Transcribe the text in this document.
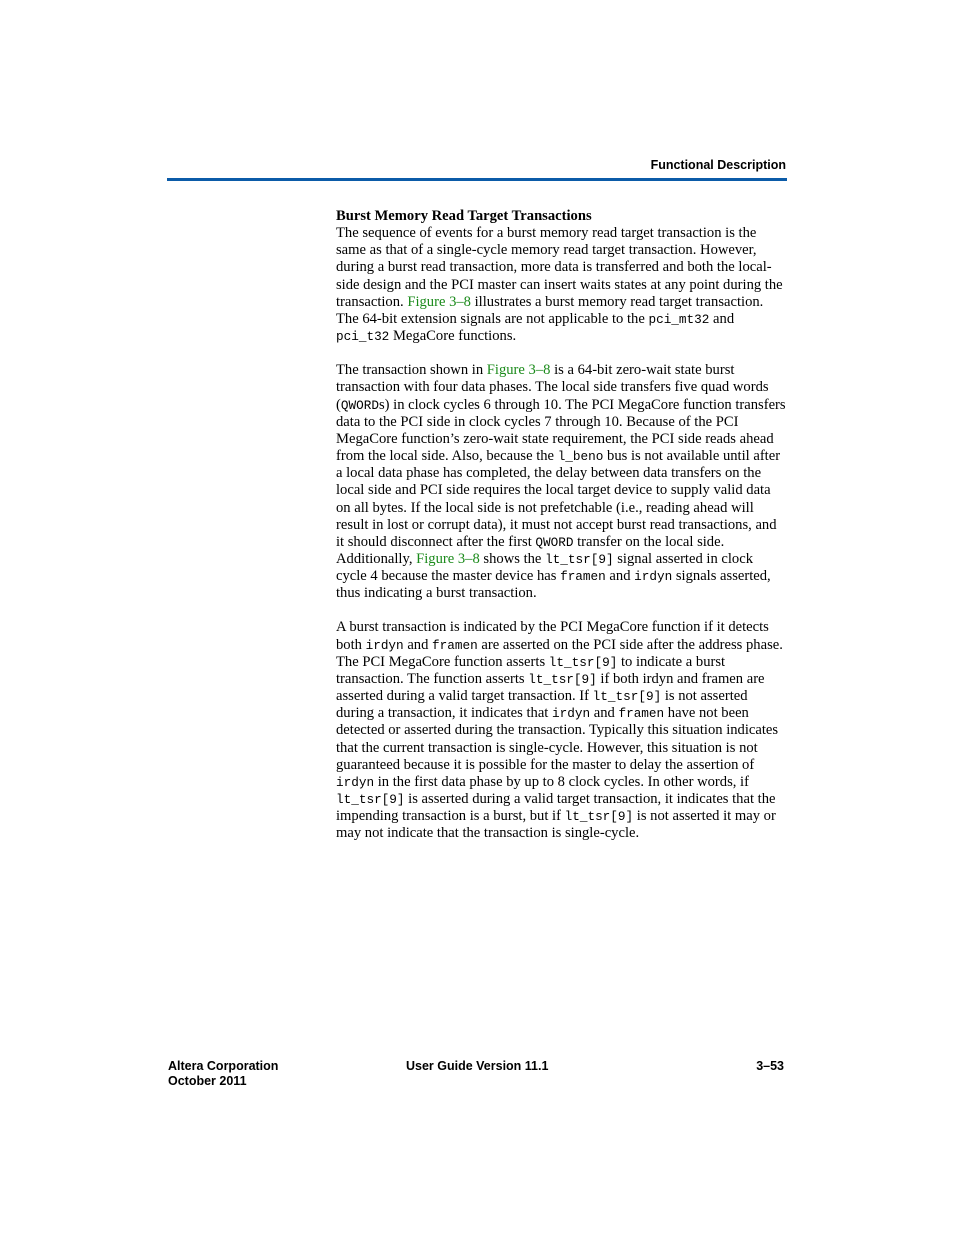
Functional Description
Burst Memory Read Target Transactions

The sequence of events for a burst memory read target transaction is the same as that of a single-cycle memory read target transaction. However, during a burst read transaction, more data is transferred and both the local-side design and the PCI master can insert waits states at any point during the transaction. Figure 3–8 illustrates a burst memory read target transaction. The 64-bit extension signals are not applicable to the pci_mt32 and pci_t32 MegaCore functions.

The transaction shown in Figure 3–8 is a 64-bit zero-wait state burst transaction with four data phases. The local side transfers five quad words (QWORDs) in clock cycles 6 through 10. The PCI MegaCore function transfers data to the PCI side in clock cycles 7 through 10. Because of the PCI MegaCore function’s zero-wait state requirement, the PCI side reads ahead from the local side. Also, because the l_beno bus is not available until after a local data phase has completed, the delay between data transfers on the local side and PCI side requires the local target device to supply valid data on all bytes. If the local side is not prefetchable (i.e., reading ahead will result in lost or corrupt data), it must not accept burst read transactions, and it should disconnect after the first QWORD transfer on the local side. Additionally, Figure 3–8 shows the lt_tsr[9] signal asserted in clock cycle 4 because the master device has framen and irdyn signals asserted, thus indicating a burst transaction.

A burst transaction is indicated by the PCI MegaCore function if it detects both irdyn and framen are asserted on the PCI side after the address phase. The PCI MegaCore function asserts lt_tsr[9] to indicate a burst transaction. The function asserts lt_tsr[9] if both irdyn and framen are asserted during a valid target transaction. If lt_tsr[9] is not asserted during a transaction, it indicates that irdyn and framen have not been detected or asserted during the transaction. Typically this situation indicates that the current transaction is single-cycle. However, this situation is not guaranteed because it is possible for the master to delay the assertion of irdyn in the first data phase by up to 8 clock cycles. In other words, if lt_tsr[9] is asserted during a valid target transaction, it indicates that the impending transaction is a burst, but if lt_tsr[9] is not asserted it may or may not indicate that the transaction is single-cycle.

Altera Corporation
October 2011
User Guide Version 11.1	3–53
